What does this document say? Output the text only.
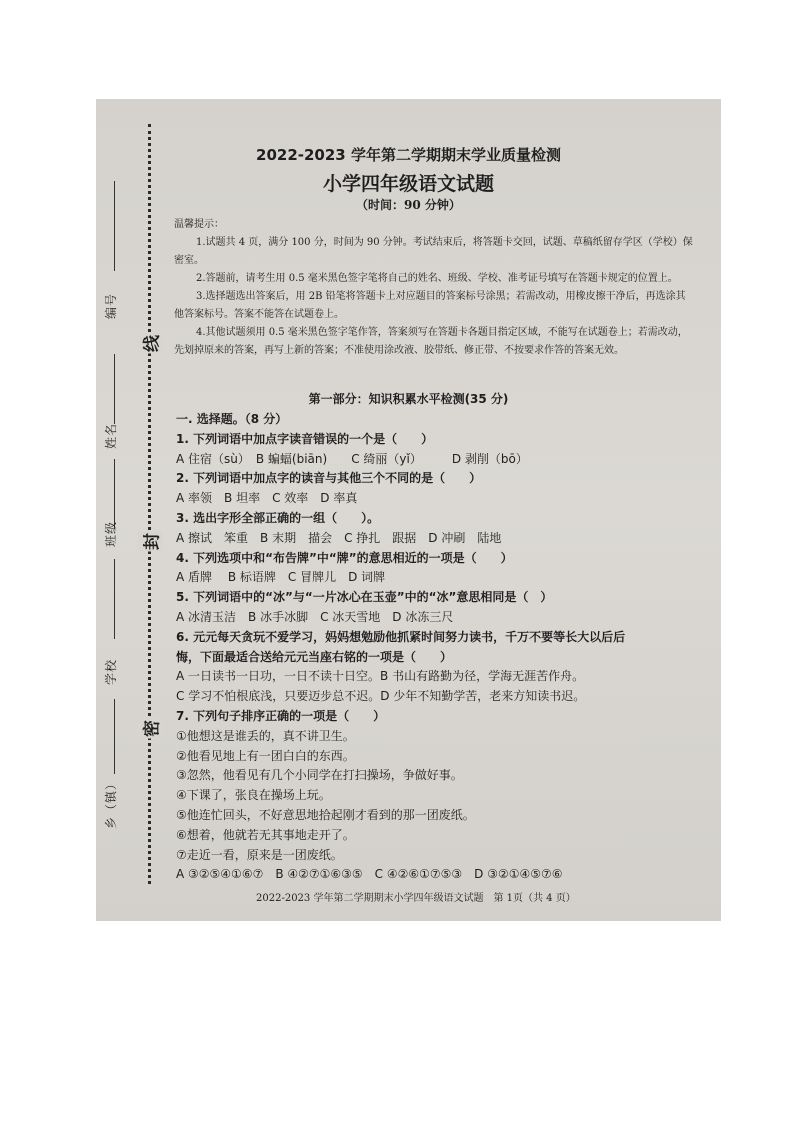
线
封
密
编号
姓名
班级
学校
乡（镇）
2022-2023 学年第二学期期末学业质量检测
小学四年级语文试题
（时间：90 分钟）
温馨提示：

1.试题共 4 页，满分 100 分，时间为 90 分钟。考试结束后，将答题卡交回，试题、草稿纸留存学区（学校）保密室。

2.答题前，请考生用 0.5 毫米黑色签字笔将自己的姓名、班级、学校、准考证号填写在答题卡规定的位置上。

3.选择题选出答案后，用 2B 铅笔将答题卡上对应题目的答案标号涂黑；若需改动，用橡皮擦干净后，再选涂其他答案标号。答案不能答在试题卷上。

4.其他试题须用 0.5 毫米黑色签字笔作答，答案须写在答题卡各题目指定区域，不能写在试题卷上；若需改动，先划掉原来的答案，再写上新的答案；不准使用涂改液、胶带纸、修正带、不按要求作答的答案无效。

第一部分：知识积累水平检测(35 分)
一. 选择题。（8 分）
1. 下列词语中加点字读音错误的一个是（　　）
A 住宿（sù）　B 蝙蝠(biān)　　C 绮丽（yǐ）　　　D 剥削（bō）
2. 下列词语中加点字的读音与其他三个不同的是（　　）
A 率领　B 坦率　C 效率　D 率真
3. 选出字形全部正确的一组（　　）。
A 擦试　笨重　B 末期　描会　C 挣扎　跟据　D 冲刷　陆地
4. 下列选项中和“布告牌”中“牌”的意思相近的一项是（　　）
A 盾牌　 B 标语牌　C 冒牌儿　D 词牌
5. 下列词语中的“冰”与“一片冰心在玉壶”中的“冰”意思相同是（　）
A 冰清玉洁　B 冰手冰脚　C 冰天雪地　D 冰冻三尺
6. 元元每天贪玩不爱学习，妈妈想勉励他抓紧时间努力读书，千万不要等长大以后后
悔，下面最适合送给元元当座右铭的一项是（　　）
A 一日读书一日功，一日不读十日空。B 书山有路勤为径，学海无涯苦作舟。
C 学习不怕根底浅，只要迈步总不迟。D 少年不知勤学苦，老来方知读书迟。
7. 下列句子排序正确的一项是（　　）
①他想这是谁丢的，真不讲卫生。
②他看见地上有一团白白的东西。
③忽然，他看见有几个小同学在打扫操场，争做好事。
④下课了，张良在操场上玩。
⑤他连忙回头，不好意思地拾起刚才看到的那一团废纸。
⑥想着，他就若无其事地走开了。
⑦走近一看，原来是一团废纸。
A ③②⑤④①⑥⑦　B ④②⑦①⑥③⑤　C ④②⑥①⑦⑤③　D ③②①④⑤⑦⑥
2022-2023 学年第二学期期末小学四年级语文试题　第 1页（共 4 页）
